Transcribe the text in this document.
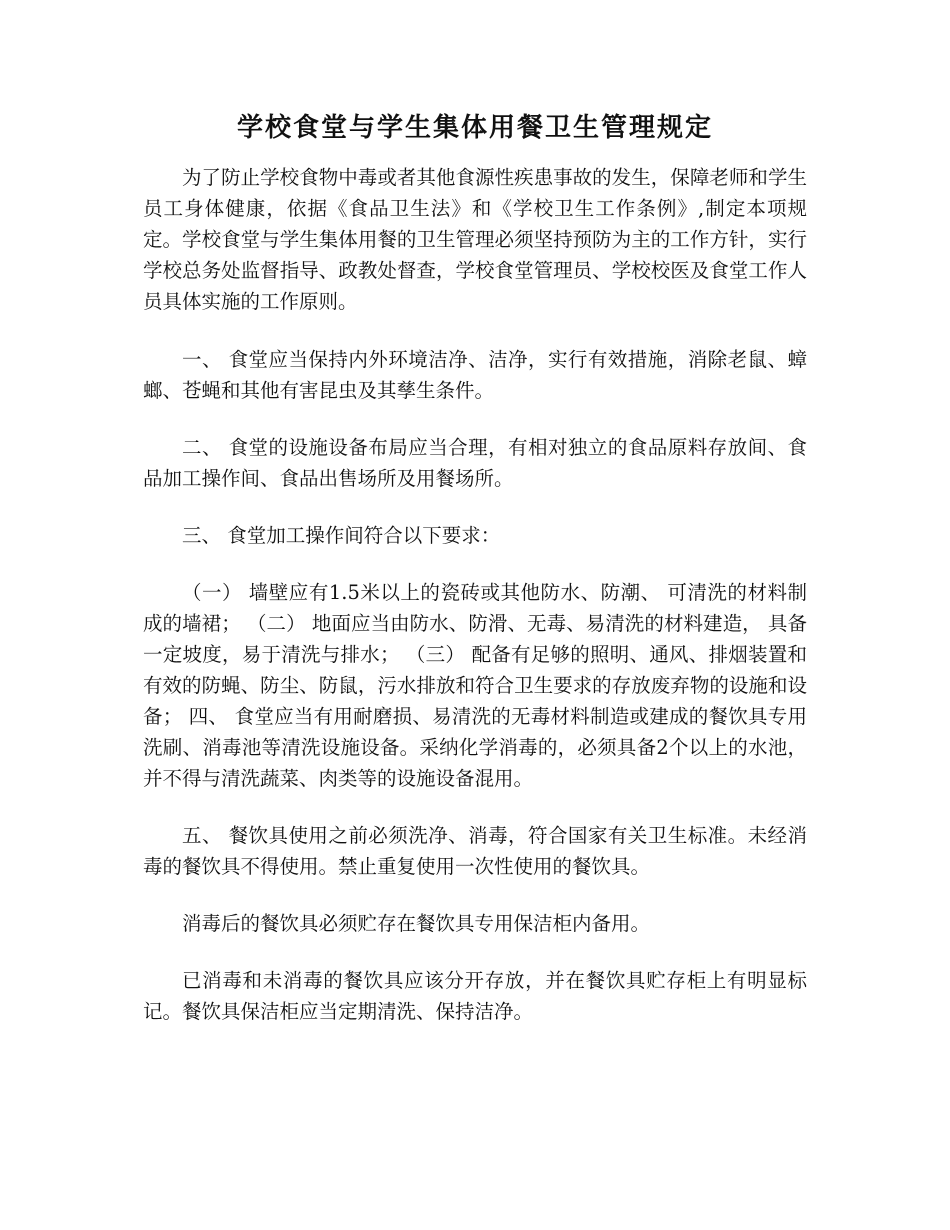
学校食堂与学生集体用餐卫生管理规定

为了防止学校食物中毒或者其他食源性疾患事故的发生，保障老师和学生员工身体健康，依据《食品卫生法》和《学校卫生工作条例》,制定本项规定。学校食堂与学生集体用餐的卫生管理必须坚持预防为主的工作方针，实行学校总务处监督指导、政教处督查，学校食堂管理员、学校校医及食堂工作人员具体实施的工作原则。

一、 食堂应当保持内外环境洁净、洁净，实行有效措施，消除老鼠、蟑螂、苍蝇和其他有害昆虫及其孳生条件。

二、 食堂的设施设备布局应当合理，有相对独立的食品原料存放间、食品加工操作间、食品出售场所及用餐场所。

三、 食堂加工操作间符合以下要求：

（一） 墙壁应有1.5米以上的瓷砖或其他防水、防潮、 可清洗的材料制成的墙裙； （二） 地面应当由防水、防滑、无毒、易清洗的材料建造， 具备一定坡度，易于清洗与排水； （三） 配备有足够的照明、通风、排烟装置和有效的防蝇、防尘、防鼠，污水排放和符合卫生要求的存放废弃物的设施和设备； 四、 食堂应当有用耐磨损、易清洗的无毒材料制造或建成的餐饮具专用洗刷、消毒池等清洗设施设备。采纳化学消毒的，必须具备2个以上的水池，并不得与清洗蔬菜、肉类等的设施设备混用。

五、 餐饮具使用之前必须洗净、消毒，符合国家有关卫生标准。未经消毒的餐饮具不得使用。禁止重复使用一次性使用的餐饮具。

消毒后的餐饮具必须贮存在餐饮具专用保洁柜内备用。

已消毒和未消毒的餐饮具应该分开存放，并在餐饮具贮存柜上有明显标记。餐饮具保洁柜应当定期清洗、保持洁净。
